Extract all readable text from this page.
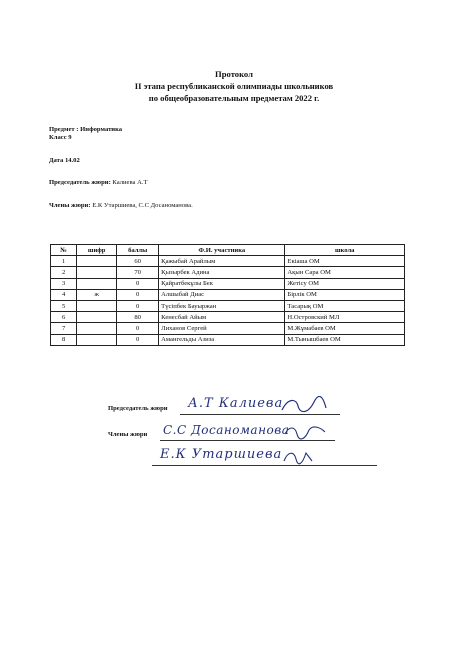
Протокол
II этапа республиканской олимпиады школьников
по общеобразовательным предметам 2022 г.
Предмет : Информатика
Класс 9
Дата 14.02
Председатель жюри: Калиева А.Т
Члены жюри: Е.К Утаршиева, С.С Досаноманова.
№	шифр	баллы	Ф.И. участника	школа
1		60	Қажыбай Арайлым	Екiаша ОМ
2		70	Қызырбек Адина	Ақын Сара ОМ
3		0	Қайратбекұлы Бек	Жетiсу ОМ
4	ж	0	Алшыбай Диас	Бiрлiк ОМ
5		0	Түсiпбек Бауыржан	Тасарық ОМ
6		80	Кенесбай Айым	Н.Островский МЛ
7		0	Лиханов Сергей	М.Жұмабаев ОМ
8		0	Амангельды Азиза	М.Тынышбаев ОМ
Председатель жюри А.Т Калиева
Члены жюри С.С Досаноманова
Е.К Утаршиева
